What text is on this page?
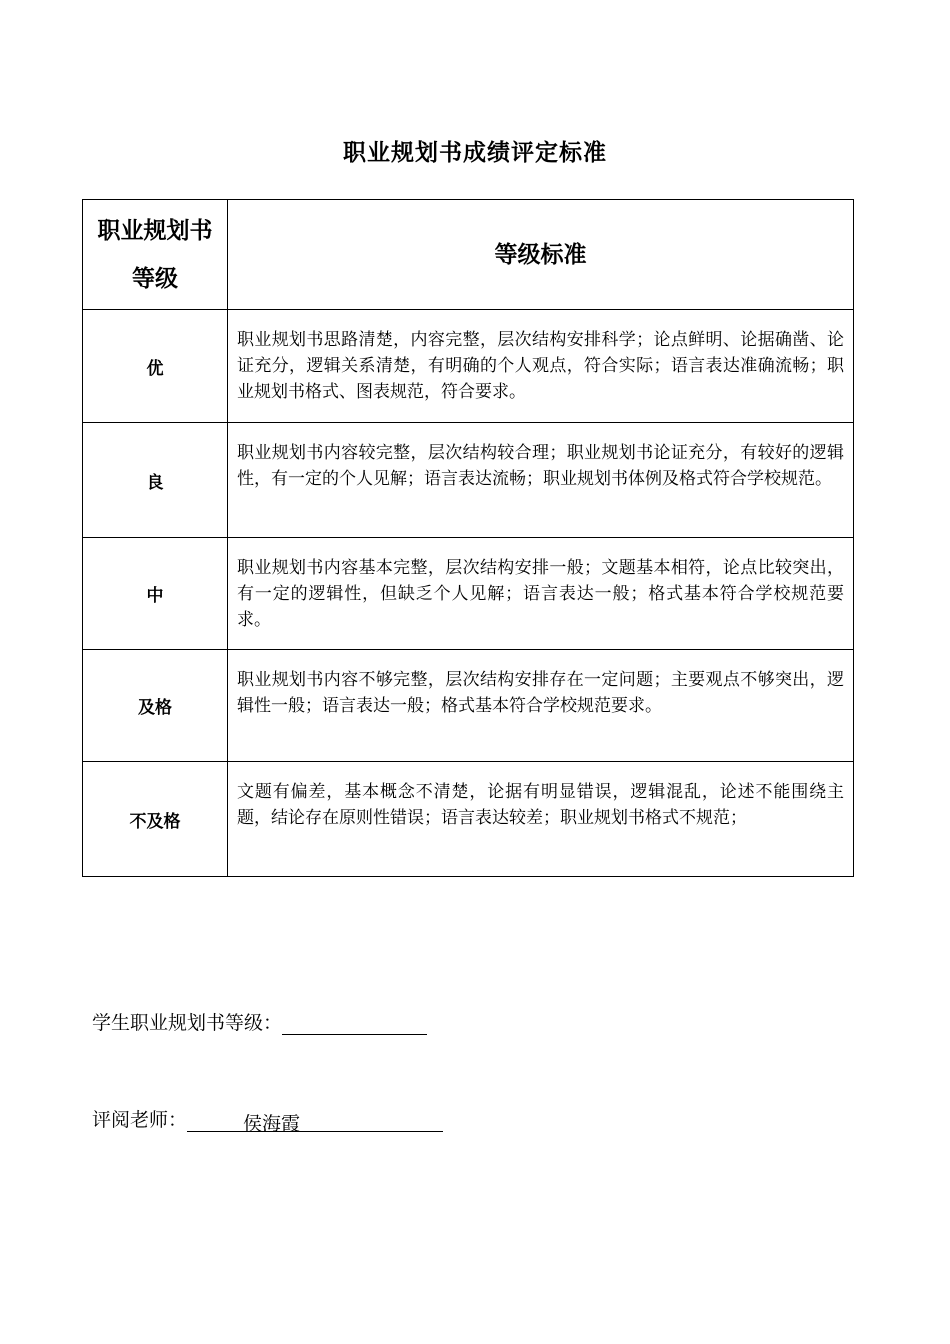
职业规划书成绩评定标准
职业规划书等级	等级标准
优	职业规划书思路清楚，内容完整，层次结构安排科学；论点鲜明、论据确凿、论证充分，逻辑关系清楚，有明确的个人观点，符合实际；语言表达准确流畅；职业规划书格式、图表规范，符合要求。

良	职业规划书内容较完整，层次结构较合理；职业规划书论证充分，有较好的逻辑性，有一定的个人见解；语言表达流畅；职业规划书体例及格式符合学校规范。

中	职业规划书内容基本完整，层次结构安排一般；文题基本相符，论点比较突出，有一定的逻辑性，但缺乏个人见解；语言表达一般；格式基本符合学校规范要求。

及格	职业规划书内容不够完整，层次结构安排存在一定问题；主要观点不够突出，逻辑性一般；语言表达一般；格式基本符合学校规范要求。

不及格	文题有偏差，基本概念不清楚，论据有明显错误，逻辑混乱，论述不能围绕主题，结论存在原则性错误；语言表达较差；职业规划书格式不规范；
学生职业规划书等级：
评阅老师：	侯海霞
